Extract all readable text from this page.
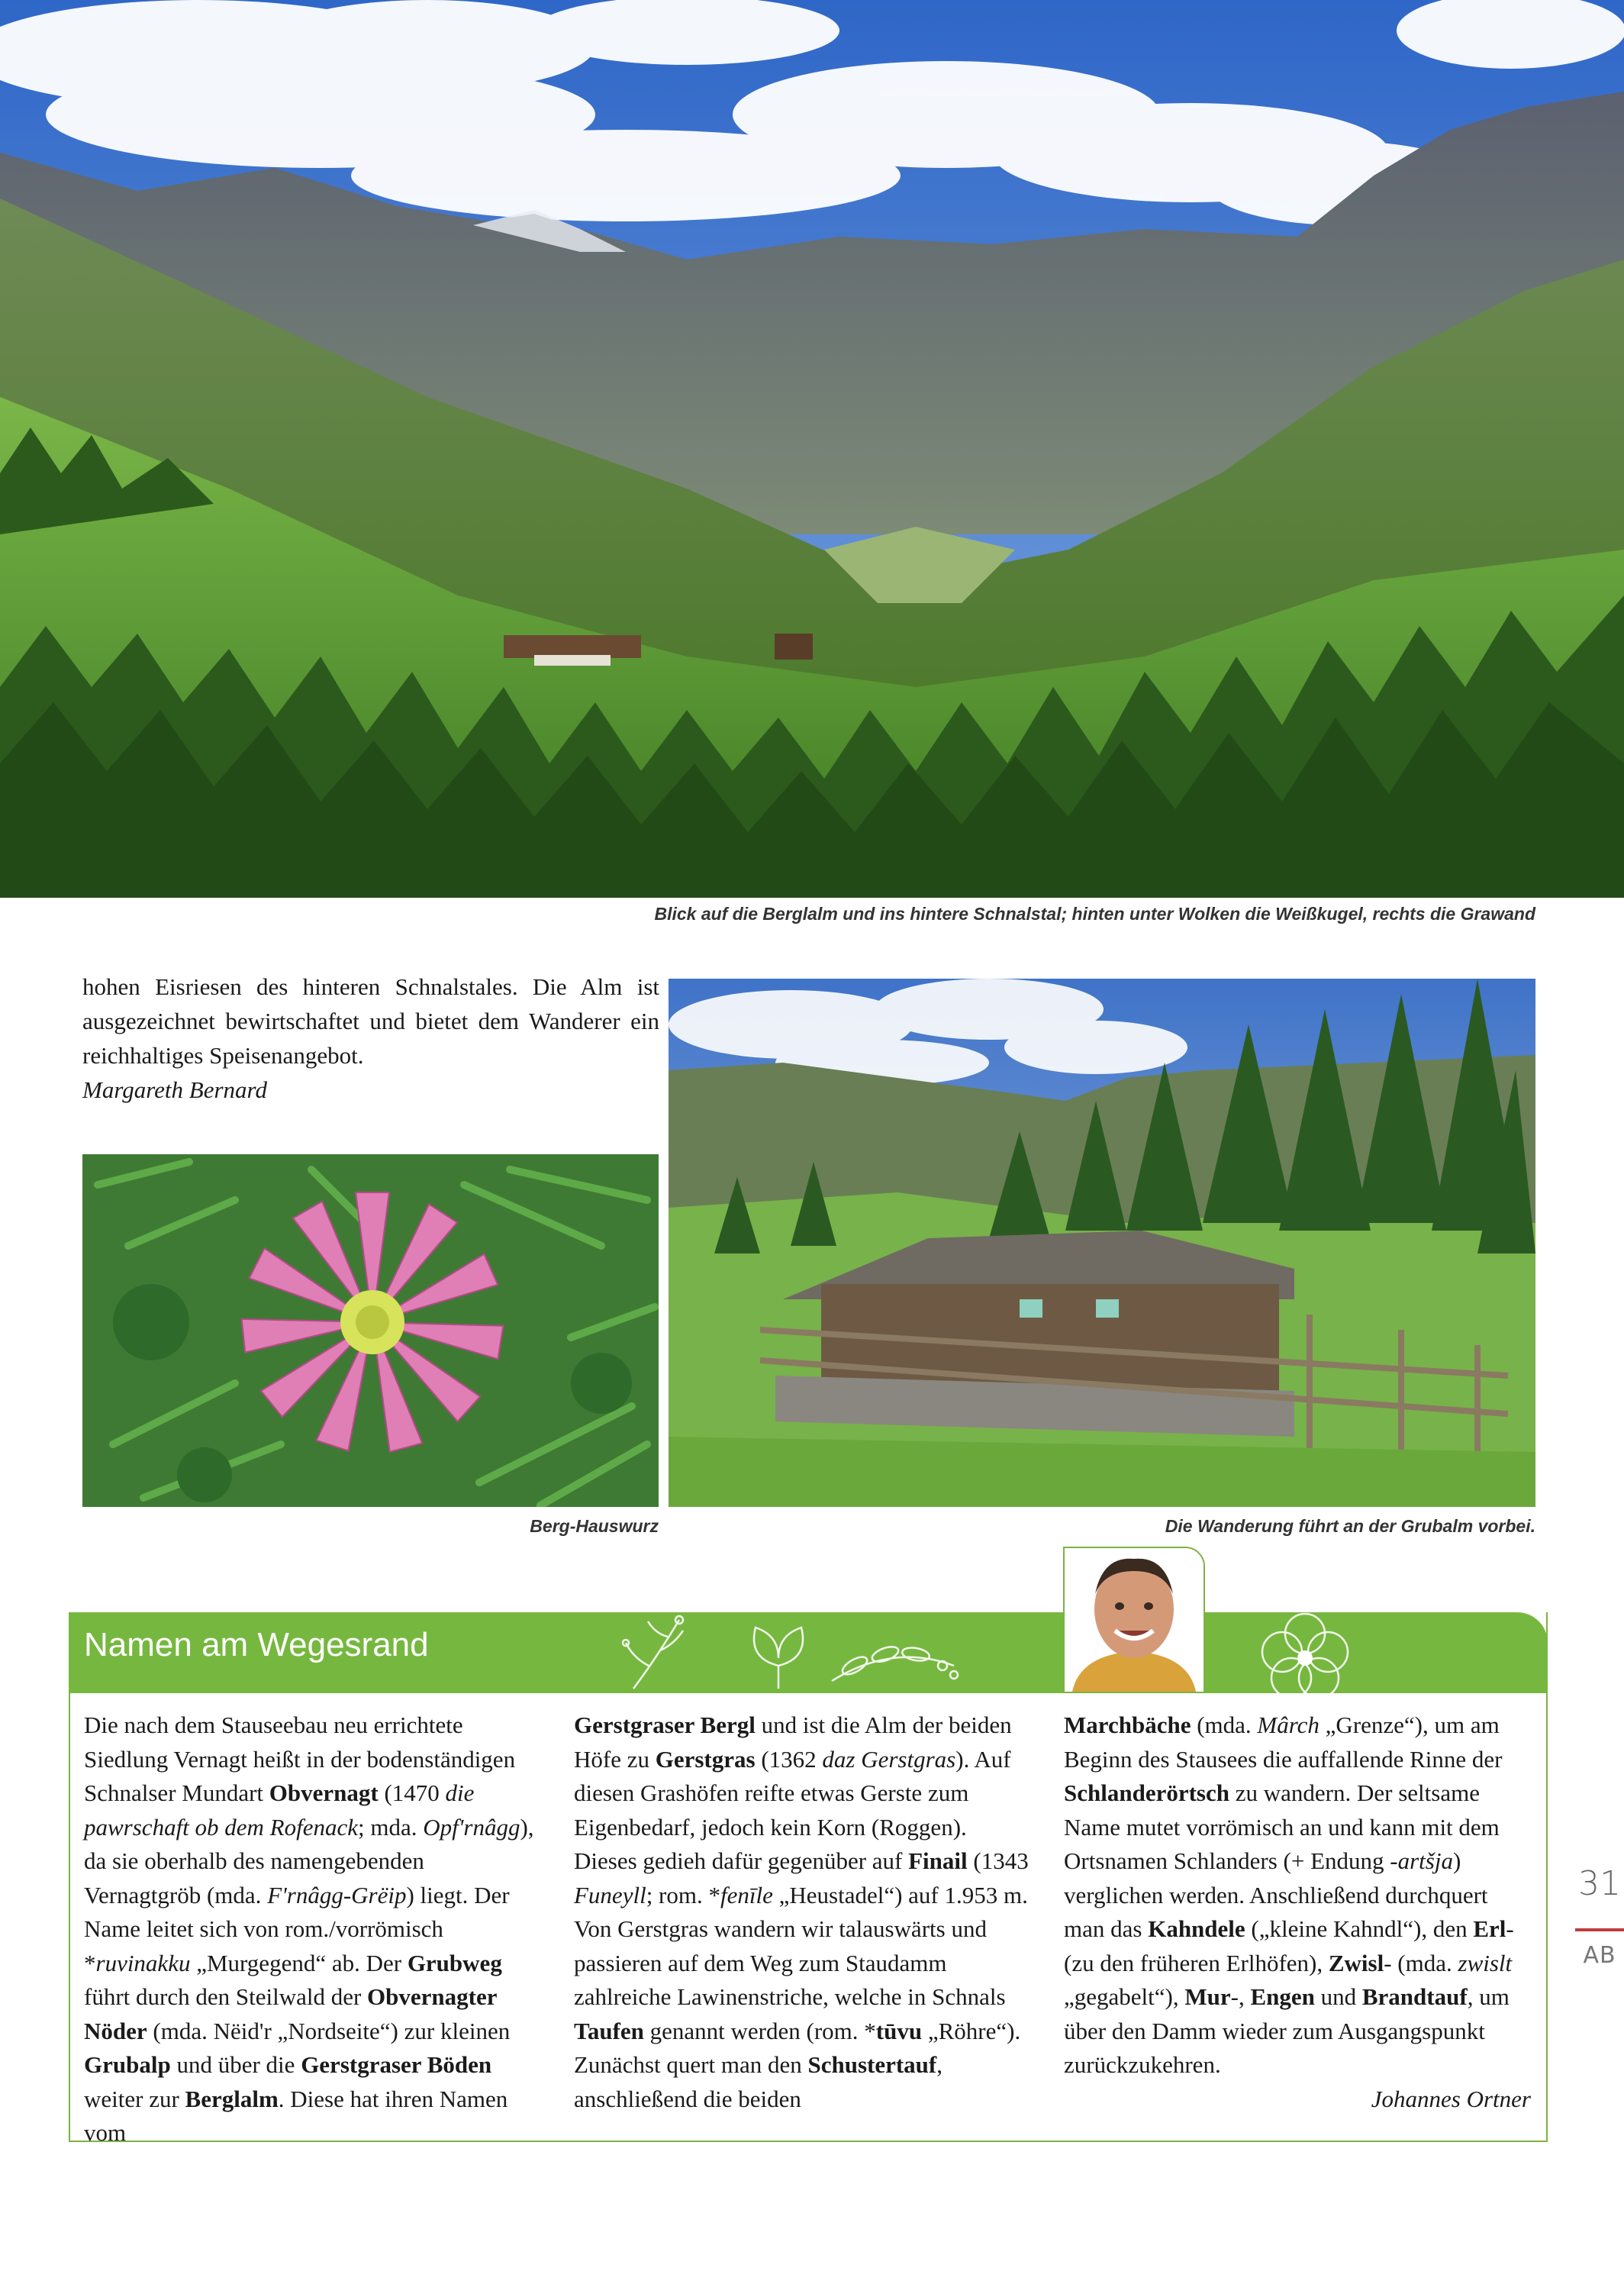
Blick auf die Berglalm und ins hintere Schnalstal; hinten unter Wolken die Weißkugel, rechts die Grawand

hohen Eisriesen des hinteren Schnalstales. Die Alm ist ausgezeichnet bewirtschaftet und bietet dem Wanderer ein reichhaltiges Speisenangebot.

Margareth Bernard

Berg-Hauswurz	Die Wanderung führt an der Grubalm vorbei.
Namen am Wegesrand

Die nach dem Stauseebau neu errichtete Siedlung Vernagt heißt in der bodenständigen Schnalser Mundart Obvernagt (1470 die pawrschaft ob dem Rofenack; mda. Opf'rnâgg), da sie oberhalb des namengebenden Vernagtgröb (mda. F'rnâgg-Grëip) liegt. Der Name leitet sich von rom./vorrömisch *ruvinakku „Murgegend“ ab. Der Grubweg führt durch den Steilwald der Obvernagter Nöder (mda. Nëid'r „Nordseite“) zur kleinen Grubalp und über die Gerstgraser Böden weiter zur Berglalm. Diese hat ihren Namen vom

Gerstgraser Bergl und ist die Alm der beiden Höfe zu Gerstgras (1362 daz Gerstgras). Auf diesen Grashöfen reifte etwas Gerste zum Eigenbedarf, jedoch kein Korn (Roggen). Dieses gedieh dafür gegenüber auf Finail (1343 Funeyll; rom. *fenīle „Heustadel“) auf 1.953 m. Von Gerstgras wandern wir talauswärts und passieren auf dem Weg zum Staudamm zahlreiche Lawinenstriche, welche in Schnals Taufen genannt werden (rom. *tūvu „Röhre“). Zunächst quert man den Schustertauf, anschließend die beiden

Marchbäche (mda. Mârch „Grenze“), um am Beginn des Stausees die auffallende Rinne der Schlanderörtsch zu wandern. Der seltsame Name mutet vorrömisch an und kann mit dem Ortsnamen Schlanders (+ Endung -artšja) verglichen werden. Anschließend durchquert man das Kahndele („kleine Kahndl“), den Erl- (zu den früheren Erlhöfen), Zwisl- (mda. zwislt „gegabelt“), Mur-, Engen und Brandtauf, um über den Damm wieder zum Ausgangspunkt zurückzukehren.

Johannes Ortner

31
AB
